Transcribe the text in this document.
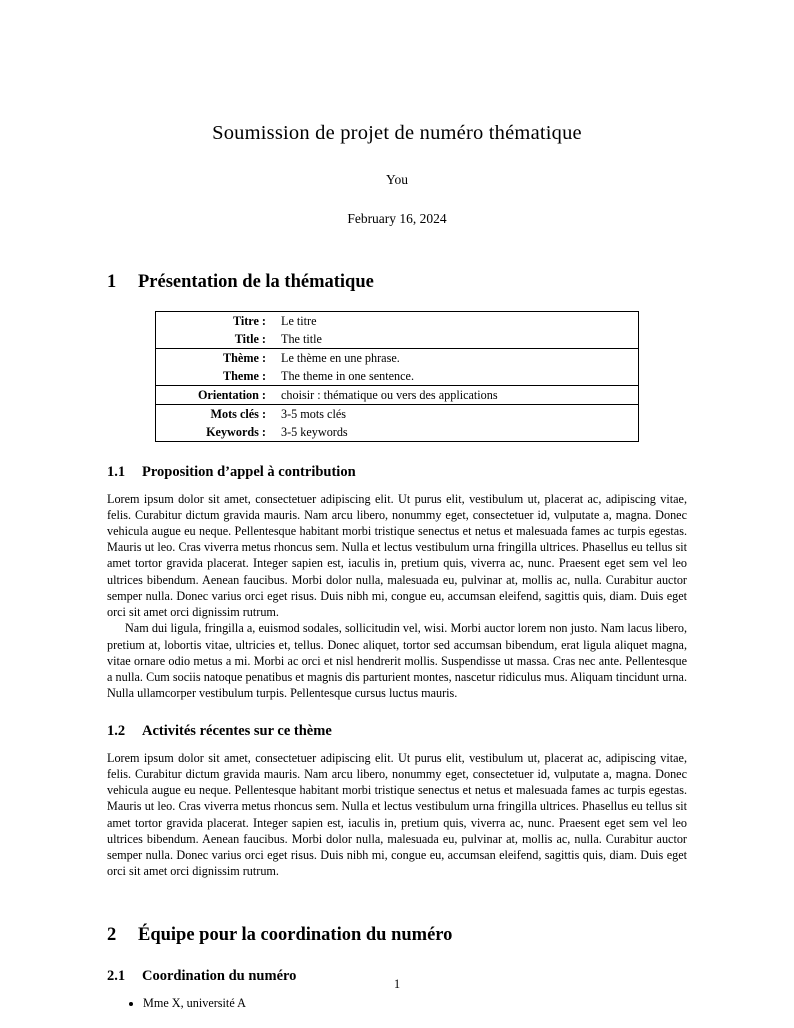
Soumission de projet de numéro thématique
You
February 16, 2024
1 Présentation de la thématique
Titre :	Le titre
Title :	The title
Thème :	Le thème en une phrase.
Theme :	The theme in one sentence.
Orientation :	choisir : thématique ou vers des applications
Mots clés :	3-5 mots clés
Keywords :	3-5 keywords
1.1 Proposition d’appel à contribution

Lorem ipsum dolor sit amet, consectetuer adipiscing elit. Ut purus elit, vestibulum ut, placerat ac, adipiscing vitae, felis. Curabitur dictum gravida mauris. Nam arcu libero, nonummy eget, consectetuer id, vulputate a, magna. Donec vehicula augue eu neque. Pellentesque habitant morbi tristique senectus et netus et malesuada fames ac turpis egestas. Mauris ut leo. Cras viverra metus rhoncus sem. Nulla et lectus vestibulum urna fringilla ultrices. Phasellus eu tellus sit amet tortor gravida placerat. Integer sapien est, iaculis in, pretium quis, viverra ac, nunc. Praesent eget sem vel leo ultrices bibendum. Aenean faucibus. Morbi dolor nulla, malesuada eu, pulvinar at, mollis ac, nulla. Curabitur auctor semper nulla. Donec varius orci eget risus. Duis nibh mi, congue eu, accumsan eleifend, sagittis quis, diam. Duis eget orci sit amet orci dignissim rutrum.

Nam dui ligula, fringilla a, euismod sodales, sollicitudin vel, wisi. Morbi auctor lorem non justo. Nam lacus libero, pretium at, lobortis vitae, ultricies et, tellus. Donec aliquet, tortor sed accumsan bibendum, erat ligula aliquet magna, vitae ornare odio metus a mi. Morbi ac orci et nisl hendrerit mollis. Suspendisse ut massa. Cras nec ante. Pellentesque a nulla. Cum sociis natoque penatibus et magnis dis parturient montes, nascetur ridiculus mus. Aliquam tincidunt urna. Nulla ullamcorper vestibulum turpis. Pellentesque cursus luctus mauris.

1.2 Activités récentes sur ce thème

Lorem ipsum dolor sit amet, consectetuer adipiscing elit. Ut purus elit, vestibulum ut, placerat ac, adipiscing vitae, felis. Curabitur dictum gravida mauris. Nam arcu libero, nonummy eget, consectetuer id, vulputate a, magna. Donec vehicula augue eu neque. Pellentesque habitant morbi tristique senectus et netus et malesuada fames ac turpis egestas. Mauris ut leo. Cras viverra metus rhoncus sem. Nulla et lectus vestibulum urna fringilla ultrices. Phasellus eu tellus sit amet tortor gravida placerat. Integer sapien est, iaculis in, pretium quis, viverra ac, nunc. Praesent eget sem vel leo ultrices bibendum. Aenean faucibus. Morbi dolor nulla, malesuada eu, pulvinar at, mollis ac, nulla. Curabitur auctor semper nulla. Donec varius orci eget risus. Duis nibh mi, congue eu, accumsan eleifend, sagittis quis, diam. Duis eget orci sit amet orci dignissim rutrum.

2 Équipe pour la coordination du numéro
2.1 Coordination du numéro
• Mme X, université A
1
